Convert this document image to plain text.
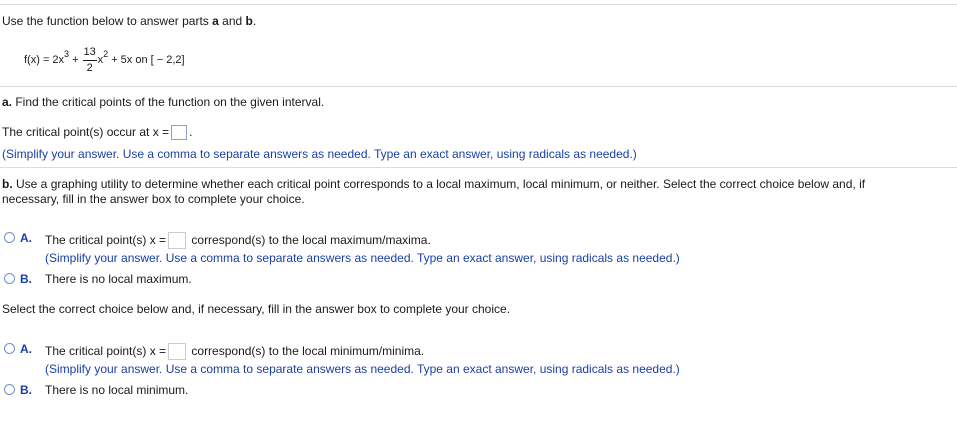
Use the function below to answer parts a and b.
$f(x) = 2x^3 + \frac{13}{2} x^2 + 5x$ on [ − 2,2]
a. Find the critical points of the function on the given interval.
The critical point(s) occur at x = .
(Simplify your answer. Use a comma to separate answers as needed. Type an exact answer, using radicals as needed.)
b. Use a graphing utility to determine whether each critical point corresponds to a local maximum, local minimum, or neither. Select the correct choice below and, if
necessary, fill in the answer box to complete your choice.
A. The critical point(s) x = correspond(s) to the local maximum/maxima.
(Simplify your answer. Use a comma to separate answers as needed. Type an exact answer, using radicals as needed.)
B. There is no local maximum.
Select the correct choice below and, if necessary, fill in the answer box to complete your choice.
A. The critical point(s) x = correspond(s) to the local minimum/minima.
(Simplify your answer. Use a comma to separate answers as needed. Type an exact answer, using radicals as needed.)
B. There is no local minimum.
